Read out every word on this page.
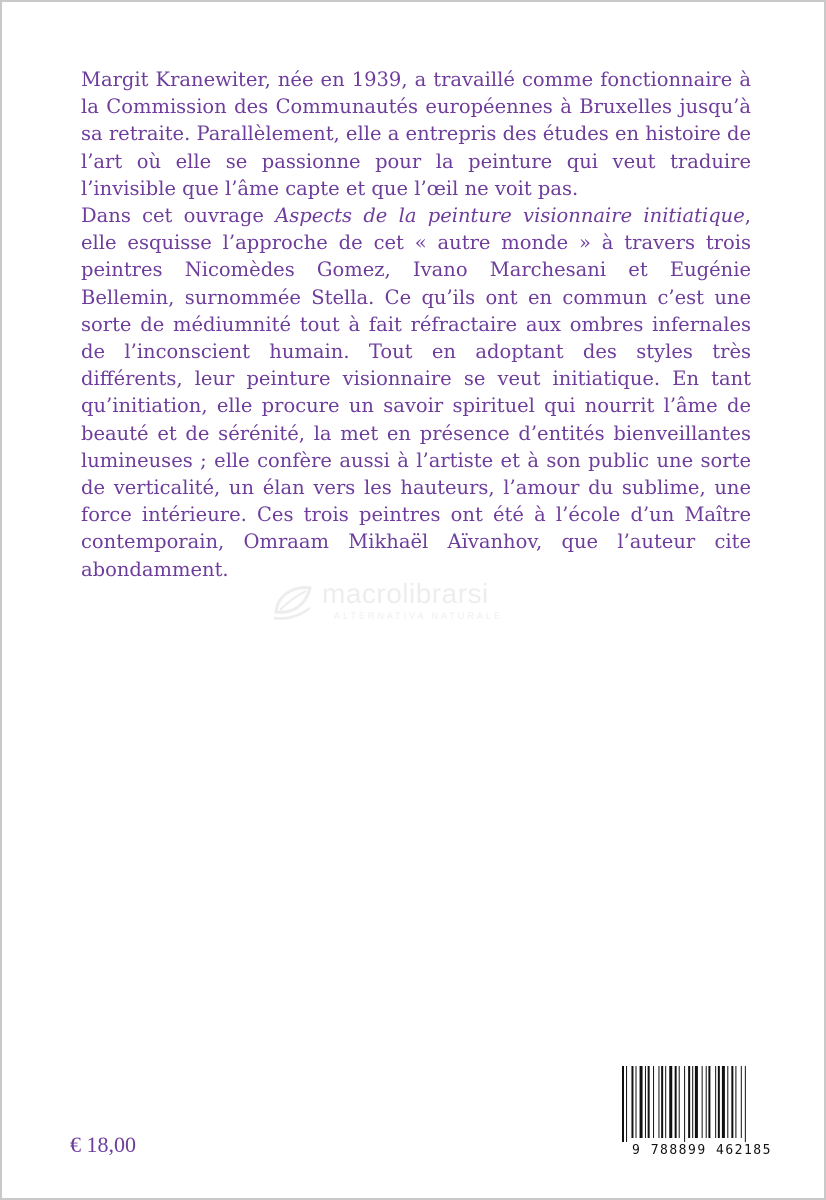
Margit Kranewiter, née en 1939, a travaillé comme fonctionnaire à la Commission des Communautés européennes à Bruxelles jusqu’à sa retraite. Parallèlement, elle a entrepris des études en histoire de l’art où elle se passionne pour la peinture qui veut traduire l’invisible que l’âme capte et que l’œil ne voit pas.

Dans cet ouvrage Aspects de la peinture visionnaire initiatique, elle esquisse l’approche de cet « autre monde » à travers trois peintres Nicomèdes Gomez, Ivano Marchesani et Eugénie Bellemin, surnommée Stella. Ce qu’ils ont en commun c’est une sorte de médiumnité tout à fait réfractaire aux ombres infernales de l’inconscient humain. Tout en adoptant des styles très différents, leur peinture visionnaire se veut initiatique. En tant qu’initiation, elle procure un savoir spirituel qui nourrit l’âme de beauté et de sérénité, la met en présence d’entités bienveillantes lumineuses ; elle confère aussi à l’artiste et à son public une sorte de verticalité, un élan vers les hauteurs, l’amour du sublime, une force intérieure. Ces trois peintres ont été à l’école d’un Maître contemporain, Omraam Mikhaël Aïvanhov, que l’auteur cite abondamment.

macrolibrarsi
ALTERNATIVA NATURALE
€ 18,00	9 788899 462185
